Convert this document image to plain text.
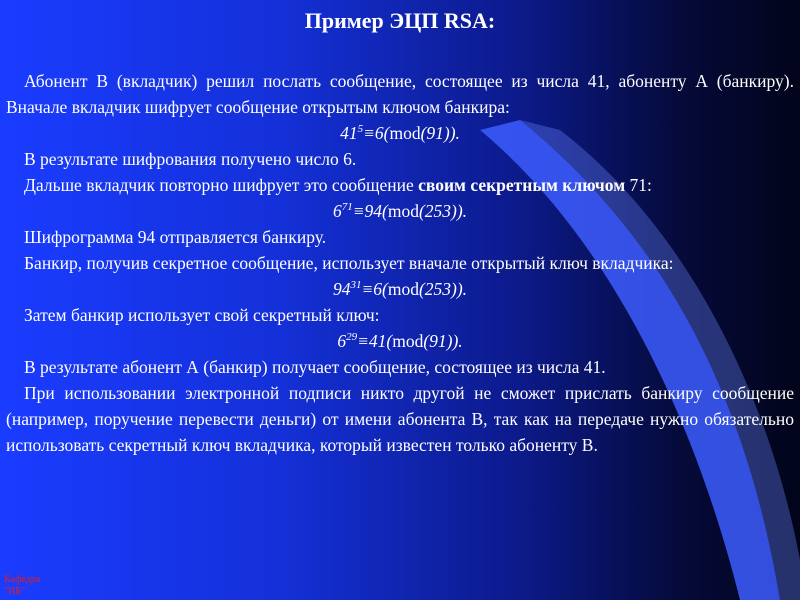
Пример ЭЦП RSA:

Абонент В (вкладчик) решил послать сообщение, состоящее из числа 41, абоненту А (банкиру). Вначале вкладчик шифрует сообщение открытым ключом банкира:

$41^5\equiv 6(mod(91))$.

В результате шифрования получено число 6.

Дальше вкладчик повторно шифрует это сообщение своим секретным ключом 71:

$6^{71}\equiv 94(mod(253))$.

Шифрограмма 94 отправляется банкиру.

Банкир, получив секретное сообщение, использует вначале открытый ключ вкладчика:

$94^{31}\equiv 6(mod(253))$.

Затем банкир использует свой секретный ключ:

$6^{29}\equiv 41(mod(91))$.

В результате абонент А (банкир) получает сообщение, состоящее из числа 41.

При использовании электронной подписи никто другой не сможет прислать банкиру сообщение (например, поручение перевести деньги) от имени абонента В, так как на передаче нужно обязательно использовать секретный ключ вкладчика, который известен только абоненту В.

Кафедра
"ИБ"
